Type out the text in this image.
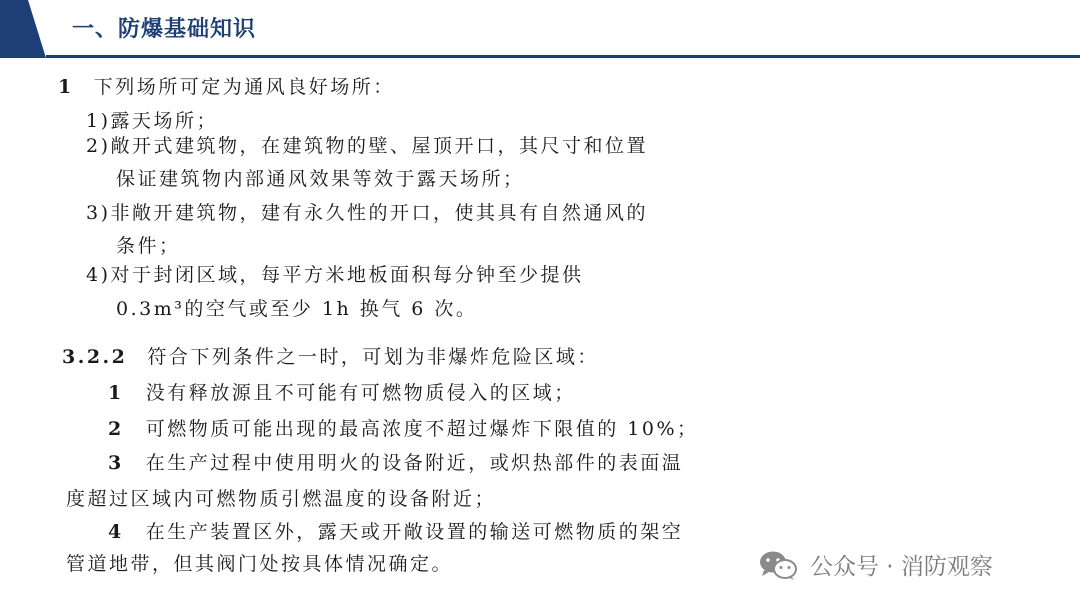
一、防爆基础知识
1 下列场所可定为通风良好场所：
1)露天场所；
2)敞开式建筑物，在建筑物的壁、屋顶开口，其尺寸和位置
保证建筑物内部通风效果等效于露天场所；
3)非敞开建筑物，建有永久性的开口，使其具有自然通风的
条件；
4)对于封闭区域，每平方米地板面积每分钟至少提供
0.3m³的空气或至少 1h 换气 6 次。
3.2.2 符合下列条件之一时，可划为非爆炸危险区域：
1 没有释放源且不可能有可燃物质侵入的区域；
2 可燃物质可能出现的最高浓度不超过爆炸下限值的 10%；
3 在生产过程中使用明火的设备附近，或炽热部件的表面温
度超过区域内可燃物质引燃温度的设备附近；
4 在生产装置区外，露天或开敞设置的输送可燃物质的架空
管道地带，但其阀门处按具体情况确定。	公众号 · 消防观察
